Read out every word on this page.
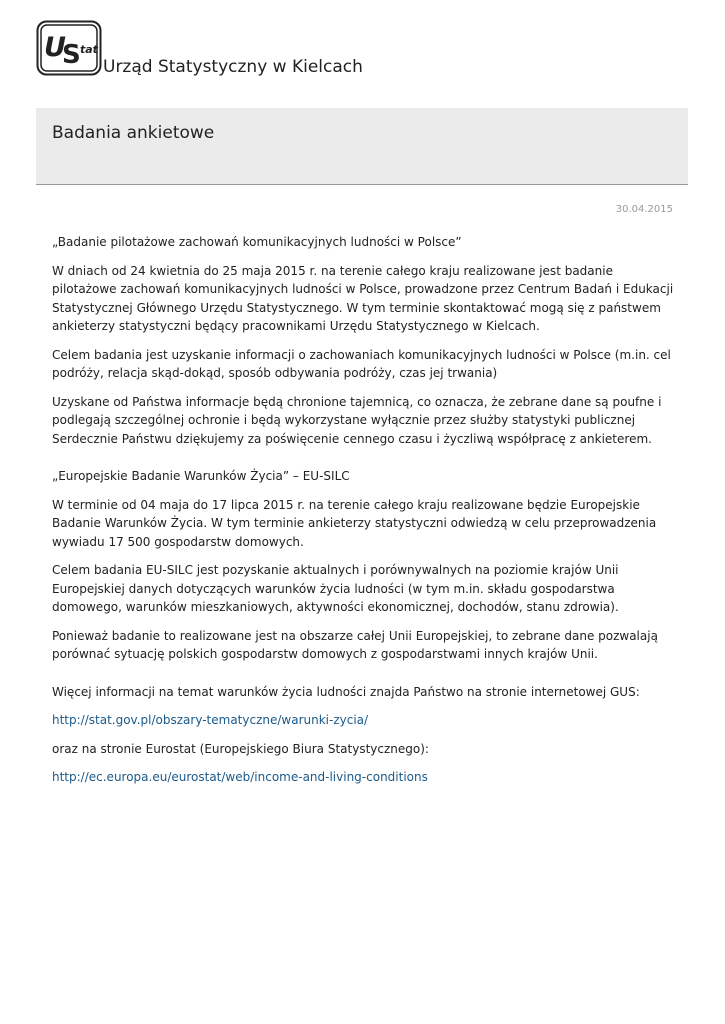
U
S tat
Urząd Statystyczny w Kielcach
Badania ankietowe
30.04.2015

„Badanie pilotażowe zachowań komunikacyjnych ludności w Polsce”

W dniach od 24 kwietnia do 25 maja 2015 r. na terenie całego kraju realizowane jest badanie pilotażowe zachowań komunikacyjnych ludności w Polsce, prowadzone przez Centrum Badań i Edukacji Statystycznej Głównego Urzędu Statystycznego. W tym terminie skontaktować mogą się z państwem ankieterzy statystyczni będący pracownikami Urzędu Statystycznego w Kielcach.

Celem badania jest uzyskanie informacji o zachowaniach komunikacyjnych ludności w Polsce (m.in. cel podróży, relacja skąd-dokąd, sposób odbywania podróży, czas jej trwania)

Uzyskane od Państwa informacje będą chronione tajemnicą, co oznacza, że zebrane dane są poufne i podlegają szczególnej ochronie i będą wykorzystane wyłącznie przez służby statystyki publicznej Serdecznie Państwu dziękujemy za poświęcenie cennego czasu i życzliwą współpracę z ankieterem.

„Europejskie Badanie Warunków Życia” – EU-SILC

W terminie od 04 maja do 17 lipca 2015 r. na terenie całego kraju realizowane będzie Europejskie Badanie Warunków Życia. W tym terminie ankieterzy statystyczni odwiedzą w celu przeprowadzenia wywiadu 17 500 gospodarstw domowych.

Celem badania EU-SILC jest pozyskanie aktualnych i porównywalnych na poziomie krajów Unii Europejskiej danych dotyczących warunków życia ludności (w tym m.in. składu gospodarstwa domowego, warunków mieszkaniowych, aktywności ekonomicznej, dochodów, stanu zdrowia).

Ponieważ badanie to realizowane jest na obszarze całej Unii Europejskiej, to zebrane dane pozwalają porównać sytuację polskich gospodarstw domowych z gospodarstwami innych krajów Unii.

Więcej informacji na temat warunków życia ludności znajda Państwo na stronie internetowej GUS:

http://stat.gov.pl/obszary-tematyczne/warunki-zycia/

oraz na stronie Eurostat (Europejskiego Biura Statystycznego):

http://ec.europa.eu/eurostat/web/income-and-living-conditions
